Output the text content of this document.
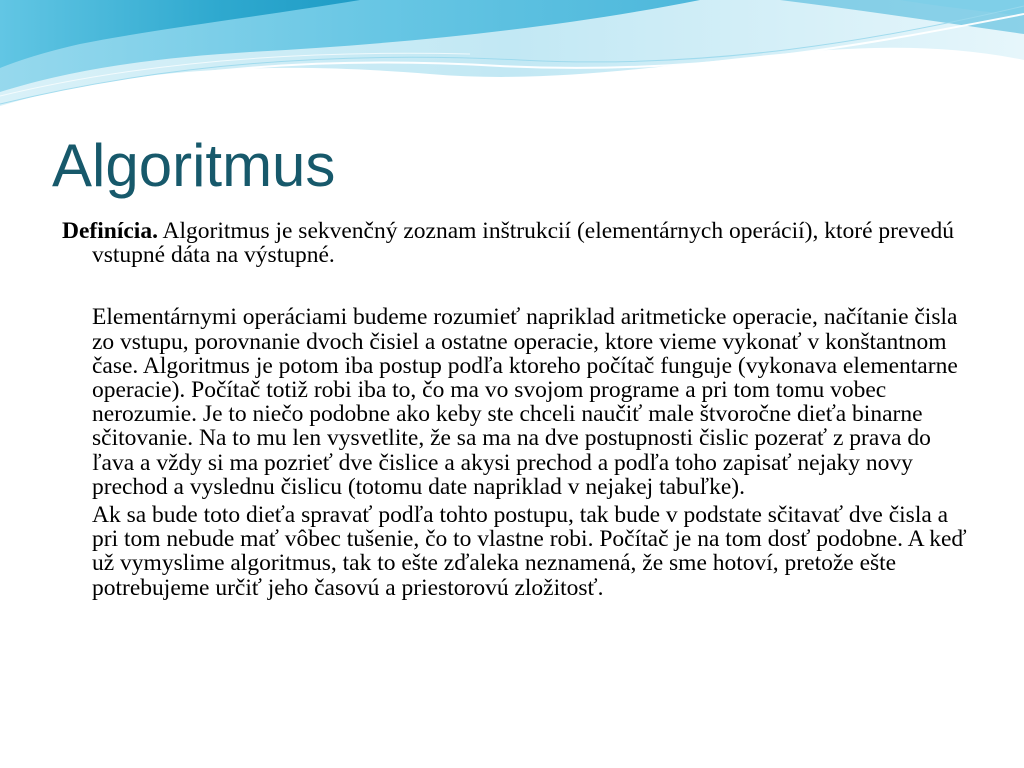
Algoritmus

Definícia. Algoritmus je sekvenčný zoznam inštrukcií (elementárnych operácií), ktoré prevedú vstupné dáta na výstupné.

Elementárnymi operáciami budeme rozumieť napriklad aritmeticke operacie, načítanie čisla zo vstupu, porovnanie dvoch čisiel a ostatne operacie, ktore vieme vykonať v konštantnom čase. Algoritmus je potom iba postup podľa ktoreho počítač funguje (vykonava elementarne operacie). Počítač totiž robi iba to, čo ma vo svojom programe a pri tom tomu vobec nerozumie. Je to niečo podobne ako keby ste chceli naučiť male štvoročne dieťa binarne sčitovanie. Na to mu len vysvetlite, že sa ma na dve postupnosti čislic pozerať z prava do ľava a vždy si ma pozrieť dve čislice a akysi prechod a podľa toho zapisať nejaky novy prechod a vyslednu čislicu (totomu date napriklad v nejakej tabuľke).

Ak sa bude toto dieťa spravať podľa tohto postupu, tak bude v podstate sčitavať dve čisla a pri tom nebude mať vôbec tušenie, čo to vlastne robi. Počítač je na tom dosť podobne. A keď už vymyslime algoritmus, tak to ešte zďaleka neznamená, že sme hotoví, pretože ešte potrebujeme určiť jeho časovú a priestorovú zložitosť.
